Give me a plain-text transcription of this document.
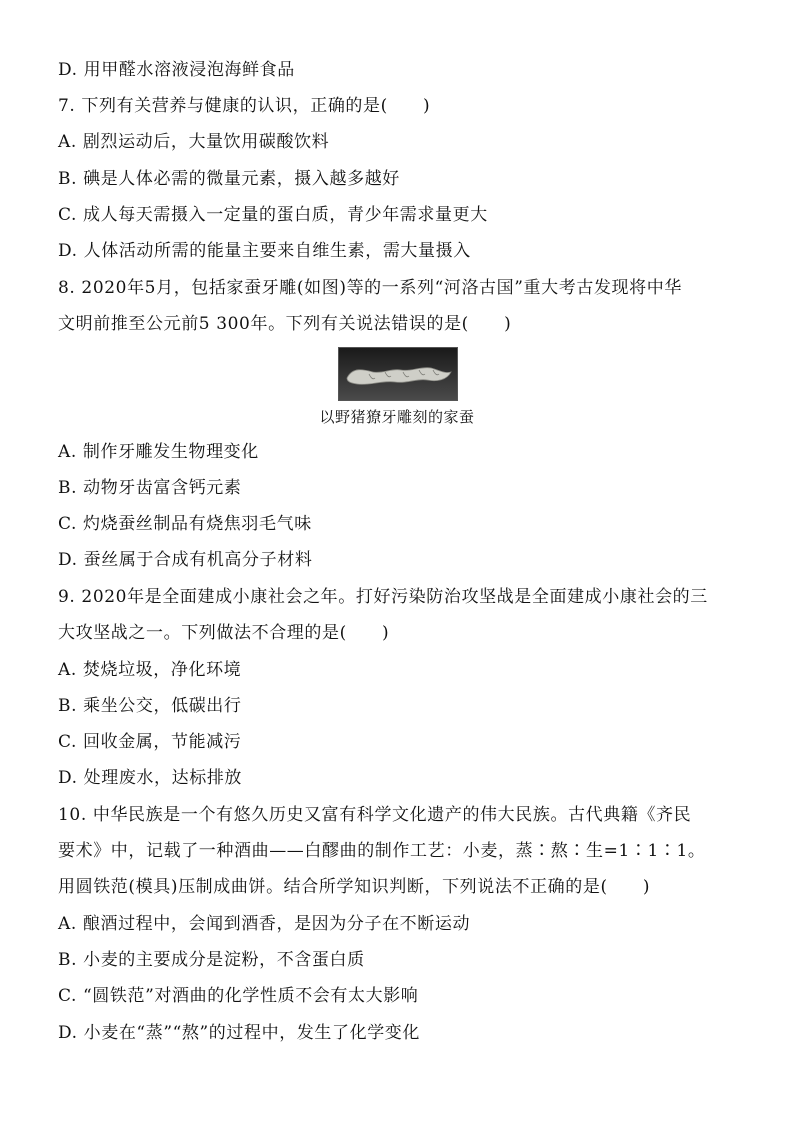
D. 用甲醛水溶液浸泡海鲜食品
7. 下列有关营养与健康的认识，正确的是(　　)
A. 剧烈运动后，大量饮用碳酸饮料
B. 碘是人体必需的微量元素，摄入越多越好
C. 成人每天需摄入一定量的蛋白质，青少年需求量更大
D. 人体活动所需的能量主要来自维生素，需大量摄入
8. 2020年5月，包括家蚕牙雕(如图)等的一系列“河洛古国”重大考古发现将中华
文明前推至公元前5 300年。下列有关说法错误的是(　　)
以野猪獠牙雕刻的家蚕
A. 制作牙雕发生物理变化
B. 动物牙齿富含钙元素
C. 灼烧蚕丝制品有烧焦羽毛气味
D. 蚕丝属于合成有机高分子材料
9. 2020年是全面建成小康社会之年。打好污染防治攻坚战是全面建成小康社会的三
大攻坚战之一。下列做法不合理的是(　　)
A. 焚烧垃圾，净化环境
B. 乘坐公交，低碳出行
C. 回收金属，节能减污
D. 处理废水，达标排放
10. 中华民族是一个有悠久历史又富有科学文化遗产的伟大民族。古代典籍《齐民
要术》中，记载了一种酒曲——白醪曲的制作工艺：小麦，蒸∶熬∶生=1∶1∶1。
用圆铁范(模具)压制成曲饼。结合所学知识判断，下列说法不正确的是(　　)
A. 酿酒过程中，会闻到酒香，是因为分子在不断运动
B. 小麦的主要成分是淀粉，不含蛋白质
C. “圆铁范”对酒曲的化学性质不会有太大影响
D. 小麦在“蒸”“熬”的过程中，发生了化学变化
